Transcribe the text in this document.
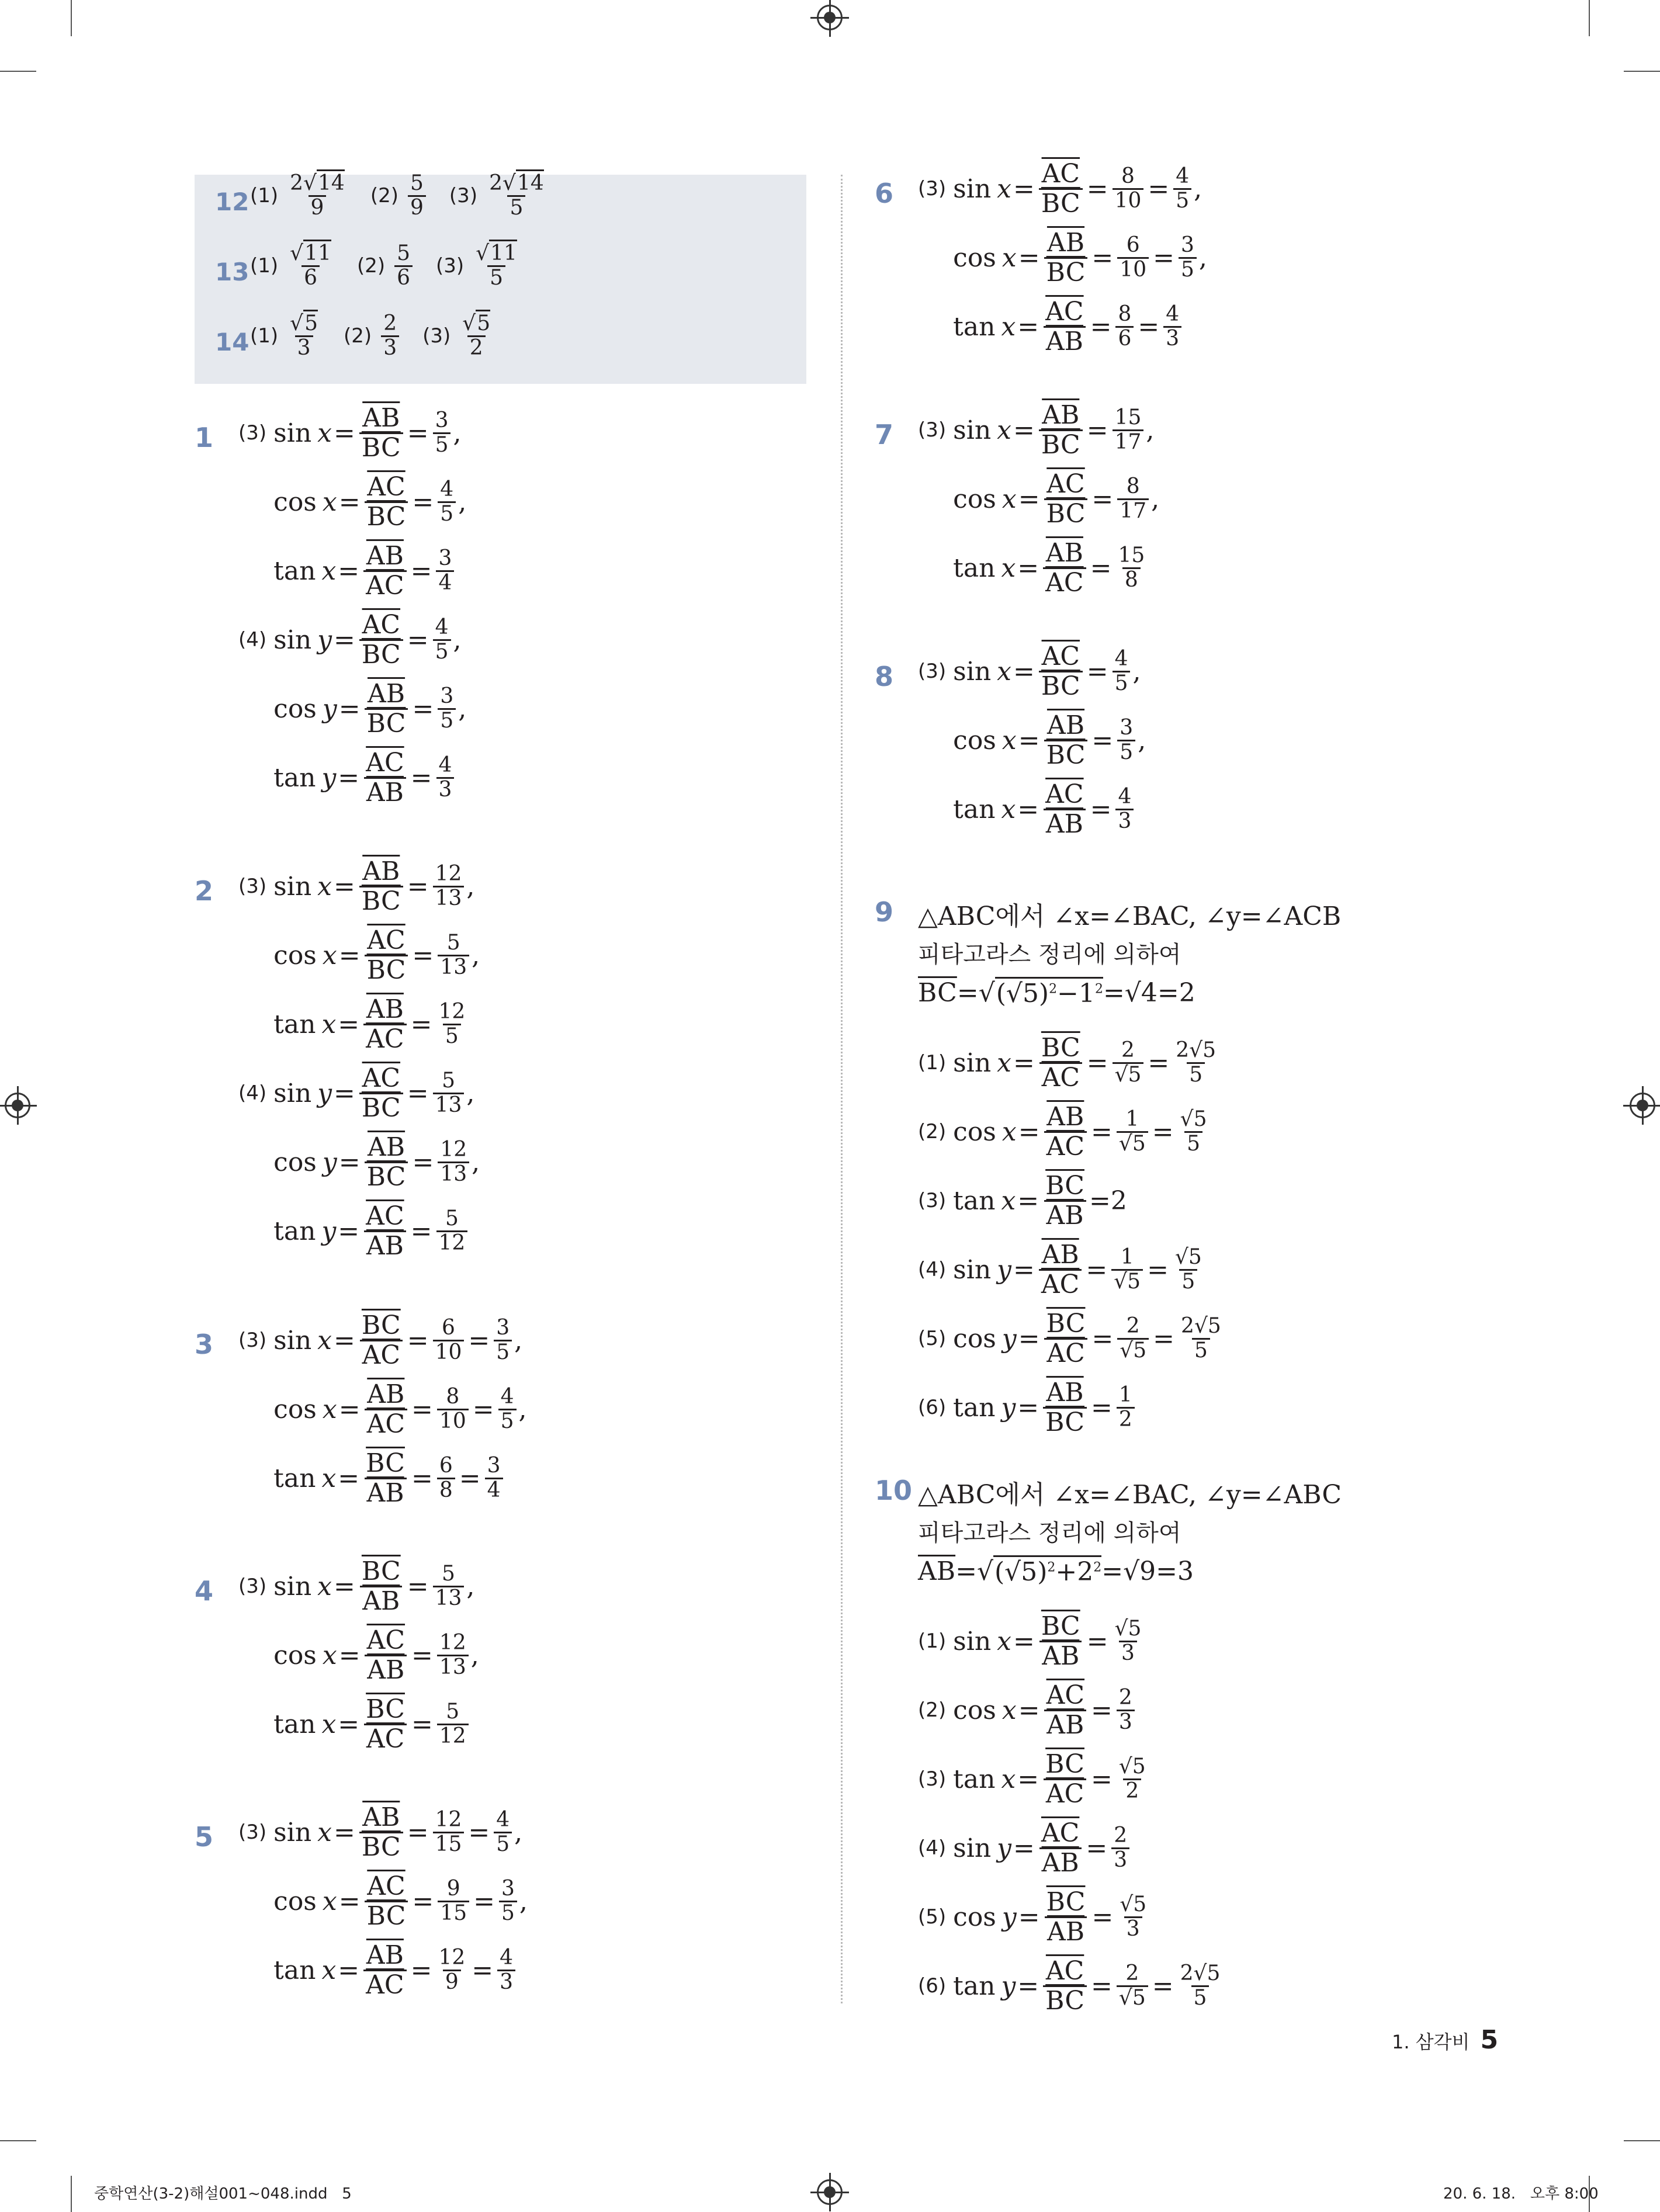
1 (3) $\sin x = \frac{\overline{AB}}{BC} = \frac{3}{5}$ ,
$\cos x = \frac{\overline{AC}}{BC} = \frac{4}{5}$ ,
$\tan x = \frac{\overline{AB}}{AC} = \frac{3}{4}$
(4) $\sin y = \frac{\overline{AC}}{BC} = \frac{4}{5}$ ,
$\cos y = \frac{\overline{AB}}{BC} = \frac{3}{5}$ ,
$\tan y = \frac{\overline{AC}}{AB} = \frac{4}{3}$
2 (3) $\sin x = \frac{\overline{AB}}{BC} = \frac{12}{13}$ ,
$\cos x = \frac{\overline{AC}}{BC} = \frac{5}{13}$ ,
$\tan x = \frac{\overline{AB}}{AC} = \frac{12}{5}$
(4) $\sin y = \frac{\overline{AC}}{BC} = \frac{5}{13}$ ,
$\cos y = \frac{\overline{AB}}{BC} = \frac{12}{13}$ ,
$\tan y = \frac{\overline{AC}}{AB} = \frac{5}{12}$
3 (3) $\sin x = \frac{\overline{BC}}{AC} = \frac{6}{10} = \frac{3}{5}$ ,
$\cos x = \frac{\overline{AB}}{AC} = \frac{8}{10} = \frac{4}{5}$ ,
$\tan x = \frac{\overline{BC}}{AB} = \frac{6}{8} = \frac{3}{4}$
4 (3) $\sin x = \frac{\overline{BC}}{AB} = \frac{5}{13}$ ,
$\cos x = \frac{\overline{AC}}{AB} = \frac{12}{13}$ ,
$\tan x = \frac{\overline{BC}}{AC} = \frac{5}{12}$
5 (3) $\sin x = \frac{\overline{AB}}{BC} = \frac{12}{15} = \frac{4}{5}$ ,
$\cos x = \frac{\overline{AC}}{BC} = \frac{9}{15} = \frac{3}{5}$ ,
$\tan x = \frac{\overline{AB}}{AC} = \frac{12}{9} = \frac{4}{3}$
6 (3) $\sin x = \frac{\overline{AC}}{BC} = \frac{8}{10} = \frac{4}{5}$ ,
$\cos x = \frac{\overline{AB}}{BC} = \frac{6}{10} = \frac{3}{5}$ ,
$\tan x = \frac{\overline{AC}}{AB} = \frac{8}{6} = \frac{4}{3}$
7 (3) $\sin x = \frac{\overline{AB}}{BC} = \frac{15}{17}$ ,
$\cos x = \frac{\overline{AC}}{BC} = \frac{8}{17}$ ,
$\tan x = \frac{\overline{AB}}{AC} = \frac{15}{8}$
8 (3) $\sin x = \frac{\overline{AC}}{BC} = \frac{4}{5}$ ,
$\cos x = \frac{\overline{AB}}{BC} = \frac{3}{5}$ ,
$\tan x = \frac{\overline{AC}}{AB} = \frac{4}{3}$
9 △ABC에서 ∠x=∠BAC, ∠y=∠ACB
피타고라스 정리에 의하여
$\overline{BC}$ =√ $(√5)^2-1^2 =√4=2$
(1) $\sin x = \frac{\overline{BC}}{AC} = \frac{2}{√5} = \frac{2√5}{5}$
(2) $\cos x = \frac{\overline{AB}}{AC} = \frac{1}{√5} = \frac{√5}{5}$
(3) $\tan x = \frac{\overline{BC}}{AB} =2$
(4) $\sin y = \frac{\overline{AB}}{AC} = \frac{1}{√5} = \frac{√5}{5}$
(5) $\cos y = \frac{\overline{BC}}{AC} = \frac{2}{√5} = \frac{2√5}{5}$
(6) $\tan y = \frac{\overline{AB}}{BC} = \frac{1}{2}$
10 △ABC에서 ∠x=∠BAC, ∠y=∠ABC
피타고라스 정리에 의하여
$\overline{AB}$ =√ $(√5)^2+2^2 =√9=3$
(1) $\sin x = \frac{\overline{BC}}{AB} = \frac{√5}{3}$
(2) $\cos x = \frac{\overline{AC}}{AB} = \frac{2}{3}$
(3) $\tan x = \frac{\overline{BC}}{AC} = \frac{√5}{2}$
(4) $\sin y = \frac{\overline{AC}}{AB} = \frac{2}{3}$
(5) $\cos y = \frac{\overline{BC}}{AB} = \frac{√5}{3}$
(6) $\tan y = \frac{\overline{AC}}{BC} = \frac{2}{√5} = \frac{2√5}{5}$
12 $(1) \frac{2√14}{9} (2) \frac{5}{9} (3) \frac{2√14}{5}$
13 $(1) \frac{√11}{6} (2) \frac{5}{6} (3) \frac{√11}{5}$
14 $(1) \frac{√5}{3} (2) \frac{2}{3} (3) \frac{√5}{2}$
1. 삼각비 5
중학연산(3-2)해설001~048.indd   5	20. 6. 18.   오후 8:00
